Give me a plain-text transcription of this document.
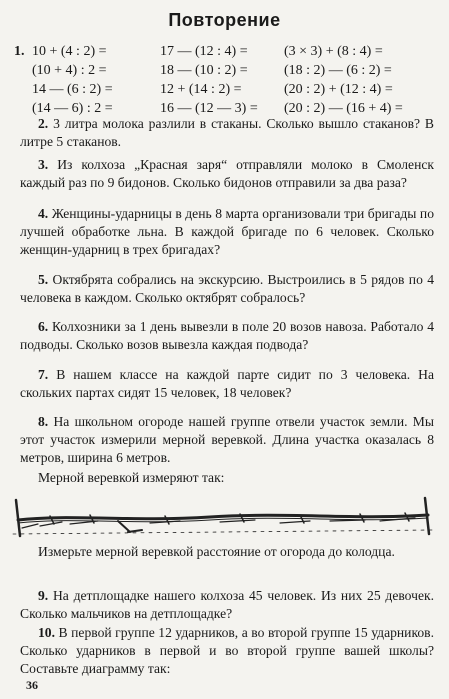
Повторение
1. 10 + (4 : 2) =	17 — (12 : 4) =	(3 × 3) + (8 : 4) =
(10 + 4) : 2 =	18 — (10 : 2) =	(18 : 2) — (6 : 2) =
14 — (6 : 2) =	12 + (14 : 2) =	(20 : 2) + (12 : 4) =
(14 — 6) : 2 =	16 — (12 — 3) =	(20 : 2) — (16 + 4) =
2. 3 литра молока разлили в стаканы. Сколько вышло стаканов? В литре 5 стаканов.
3. Из колхоза „Красная заря“ отправляли молоко в Смоленск каждый раз по 9 бидонов. Сколько бидонов отправили за два раза?
4. Женщины-ударницы в день 8 марта организовали три бригады по лучшей обработке льна. В каждой бригаде по 6 человек. Сколько женщин-ударниц в трех бригадах?
5. Октябрята собрались на экскурсию. Выстроились в 5 рядов по 4 человека в каждом. Сколько октябрят собралось?
6. Колхозники за 1 день вывезли в поле 20 возов навоза. Работало 4 подводы. Сколько возов вывезла каждая подвода?
7. В нашем классе на каждой парте сидит по 3 человека. На скольких партах сидят 15 человек, 18 человек?
8. На школьном огороде нашей группе отвели участок земли. Мы этот участок измерили мерной веревкой. Длина участка оказалась 8 метров, ширина 6 метров.
Мерной веревкой измеряют так:
Измерьте мерной веревкой расстояние от огорода до колодца.
9. На детплощадке нашего колхоза 45 человек. Из них 25 девочек. Сколько мальчиков на детплощадке?
10. В первой группе 12 ударников, а во второй группе 15 ударников. Сколько ударников в первой и во второй группе вашей школы? Составьте диаграмму так:
36
